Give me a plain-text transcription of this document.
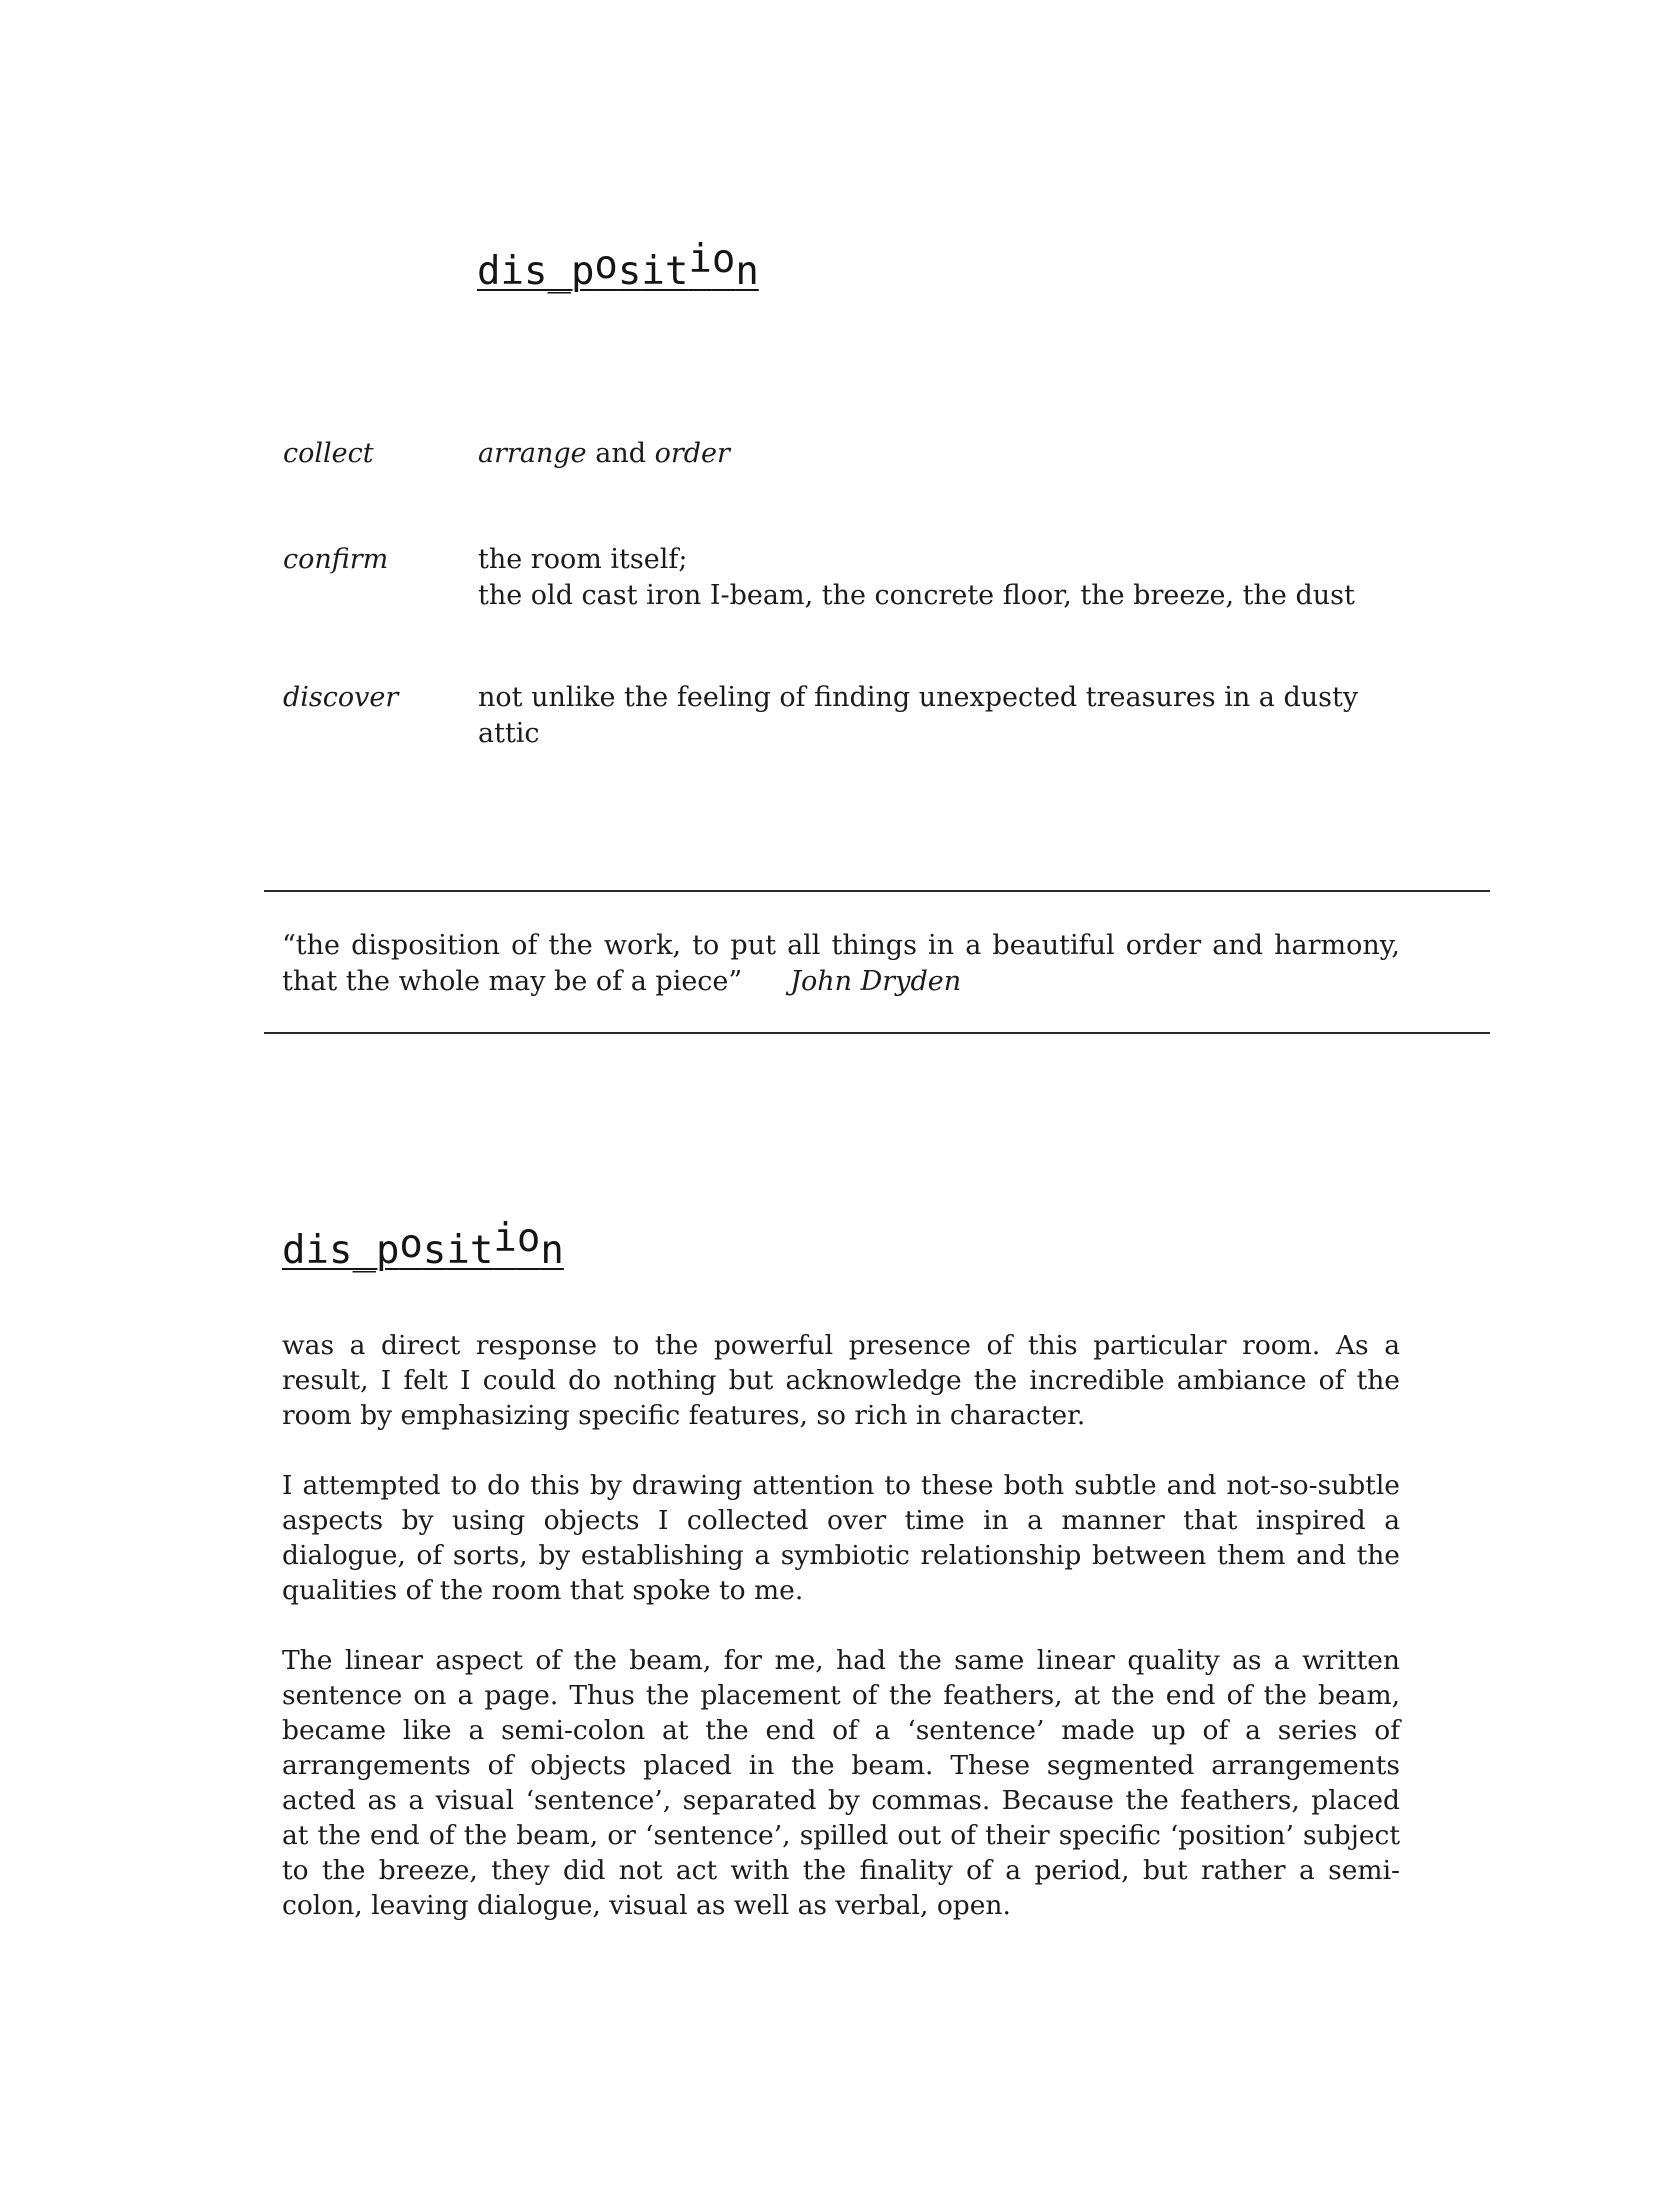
dis_position
collect	arrange and order
confirm	the room itself;

the old cast iron I-beam, the concrete floor, the breeze, the dust

discover	not unlike the feeling of finding unexpected treasures in a dusty attic
“the disposition of the work, to put all things in a beautiful order and harmony, that the whole may be of a piece” John Dryden
dis_position

was a direct response to the powerful presence of this particular room. As a result, I felt I could do nothing but acknowledge the incredible ambiance of the room by emphasizing specific features, so rich in character.

I attempted to do this by drawing attention to these both subtle and not-so-subtle aspects by using objects I collected over time in a manner that inspired a dialogue, of sorts, by establishing a symbiotic relationship between them and the qualities of the room that spoke to me.

The linear aspect of the beam, for me, had the same linear quality as a written sentence on a page. Thus the placement of the feathers, at the end of the beam, became like a semi-colon at the end of a ‘sentence’ made up of a series of arrangements of objects placed in the beam. These segmented arrangements acted as a visual ‘sentence’, separated by commas. Because the feathers, placed at the end of the beam, or ‘sentence’, spilled out of their specific ‘position’ subject to the breeze, they did not act with the finality of a period, but rather a semi-colon, leaving dialogue, visual as well as verbal, open.
